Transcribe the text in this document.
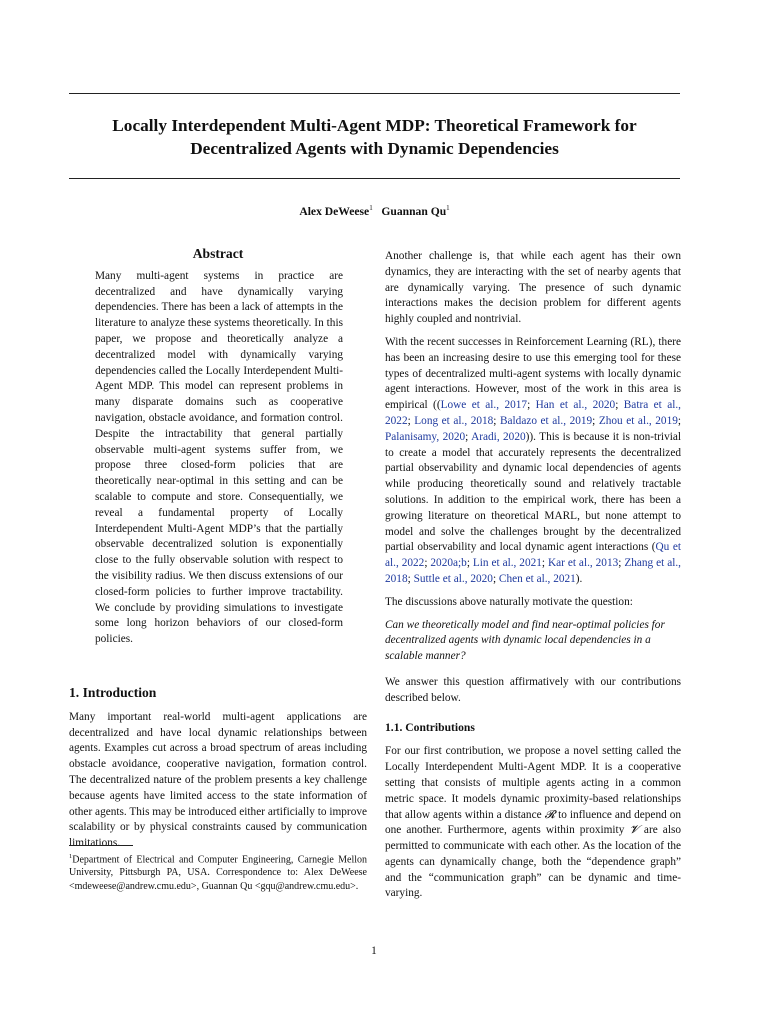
Locally Interdependent Multi-Agent MDP: Theoretical Framework for Decentralized Agents with Dynamic Dependencies
Alex DeWeese$^1$ Guannan Qu$^1$
Abstract
Many multi-agent systems in practice are decentralized and have dynamically varying dependencies. There has been a lack of attempts in the literature to analyze these systems theoretically. In this paper, we propose and theoretically analyze a decentralized model with dynamically varying dependencies called the Locally Interdependent Multi-Agent MDP. This model can represent problems in many disparate domains such as cooperative navigation, obstacle avoidance, and formation control. Despite the intractability that general partially observable multi-agent systems suffer from, we propose three closed-form policies that are theoretically near-optimal in this setting and can be scalable to compute and store. Consequentially, we reveal a fundamental property of Locally Interdependent Multi-Agent MDP’s that the partially observable decentralized solution is exponentially close to the fully observable solution with respect to the visibility radius. We then discuss extensions of our closed-form policies to further improve tractability. We conclude by providing simulations to investigate some long horizon behaviors of our closed-form policies.
1. Introduction

Many important real-world multi-agent applications are decentralized and have local dynamic relationships between agents. Examples cut across a broad spectrum of areas including obstacle avoidance, cooperative navigation, formation control. The decentralized nature of the problem presents a key challenge because agents have limited access to the state information of other agents. This may be introduced either artificially to improve scalability or by physical constraints caused by communication limitations.

Another challenge is, that while each agent has their own dynamics, they are interacting with the set of nearby agents that are dynamically varying. The presence of such dynamic interactions makes the decision problem for different agents highly coupled and nontrivial.

With the recent successes in Reinforcement Learning (RL), there has been an increasing desire to use this emerging tool for these types of decentralized multi-agent systems with locally dynamic agent interactions. However, most of the work in this area is empirical ((Lowe et al., 2017; Han et al., 2020; Batra et al., 2022; Long et al., 2018; Baldazo et al., 2019; Zhou et al., 2019; Palanisamy, 2020; Aradi, 2020)). This is because it is non-trivial to create a model that accurately represents the decentralized partial observability and dynamic local dependencies of agents while producing theoretically sound and relatively tractable solutions. In addition to the empirical work, there has been a growing literature on theoretical MARL, but none attempt to model and solve the challenges brought by the decentralized partial observability and local dynamic agent interactions (Qu et al., 2022; 2020a;b; Lin et al., 2021; Kar et al., 2013; Zhang et al., 2018; Suttle et al., 2020; Chen et al., 2021).

The discussions above naturally motivate the question:

Can we theoretically model and find near-optimal policies for decentralized agents with dynamic local dependencies in a scalable manner?

We answer this question affirmatively with our contributions described below.

1.1. Contributions

For our first contribution, we propose a novel setting called the Locally Interdependent Multi-Agent MDP. It is a cooperative setting that consists of multiple agents acting in a common metric space. It models dynamic proximity-based relationships that allow agents within a distance 𝓡 to influence and depend on one another. Furthermore, agents within proximity 𝓥 are also permitted to communicate with each other. As the location of the agents can dynamically change, both the “dependence graph” and the “communication graph” can be dynamic and time-varying.

$^1$Department of Electrical and Computer Engineering, Carnegie Mellon University, Pittsburgh PA, USA. Correspondence to: Alex DeWeese <mdeweese@andrew.cmu.edu>, Guannan Qu <gqu@andrew.cmu.edu>.

1
